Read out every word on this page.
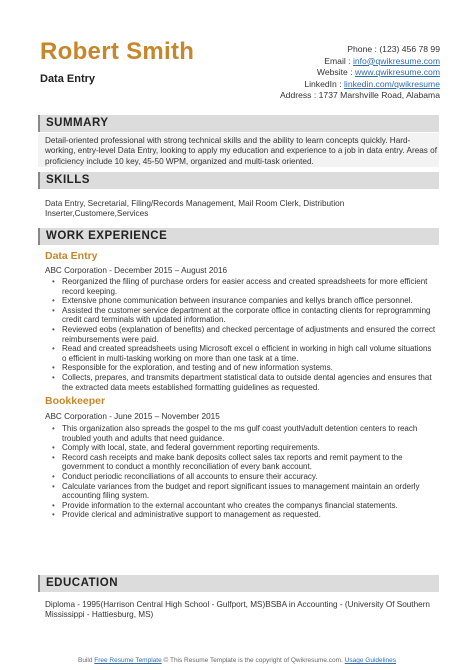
Robert Smith
Data Entry
Phone : (123) 456 78 99
Email : info@qwikresume.com
Website : www.qwikresume.com
LinkedIn : linkedin.com/qwikresume
Address : 1737 Marshville Road, Alabama
SUMMARY
Detail-oriented professional with strong technical skills and the ability to learn concepts quickly. Hard-working, entry-level Data Entry, looking to apply my education and experience to a job in data entry. Areas of proficiency include 10 key, 45-50 WPM, organized and multi-task oriented.
SKILLS
Data Entry, Secretarial, Filing/Records Management, Mail Room Clerk, Distribution Inserter,Customere,Services
WORK EXPERIENCE
Data Entry
ABC Corporation - December 2015 – August 2016
• Reorganized the filing of purchase orders for easier access and created spreadsheets for more efficient record keeping.
• Extensive phone communication between insurance companies and kellys branch office personnel.
• Assisted the customer service department at the corporate office in contacting clients for reprogramming credit card terminals with updated information.
• Reviewed eobs (explanation of benefits) and checked percentage of adjustments and ensured the correct reimbursements were paid.
• Read and created spreadsheets using Microsoft excel o efficient in working in high call volume situations o efficient in multi-tasking working on more than one task at a time.
• Responsible for the exploration, and testing and of new information systems.
• Collects, prepares, and transmits department statistical data to outside dental agencies and ensures that the extracted data meets established formatting guidelines as requested.
Bookkeeper
ABC Corporation - June 2015 – November 2015
• This organization also spreads the gospel to the ms gulf coast youth/adult detention centers to reach troubled youth and adults that need guidance.
• Comply with local, state, and federal government reporting requirements.
• Record cash receipts and make bank deposits collect sales tax reports and remit payment to the government to conduct a monthly reconciliation of every bank account.
• Conduct periodic reconciliations of all accounts to ensure their accuracy.
• Calculate variances from the budget and report significant issues to management maintain an orderly accounting filing system.
• Provide information to the external accountant who creates the companys financial statements.
• Provide clerical and administrative support to management as requested.
EDUCATION
Diploma - 1995(Harrison Central High School - Gulfport, MS)BSBA in Accounting - (University Of Southern Mississippi - Hattiesburg, MS)
Build Free Resume Template © This Resume Template is the copyright of Qwikresume.com. Usage Guidelines
